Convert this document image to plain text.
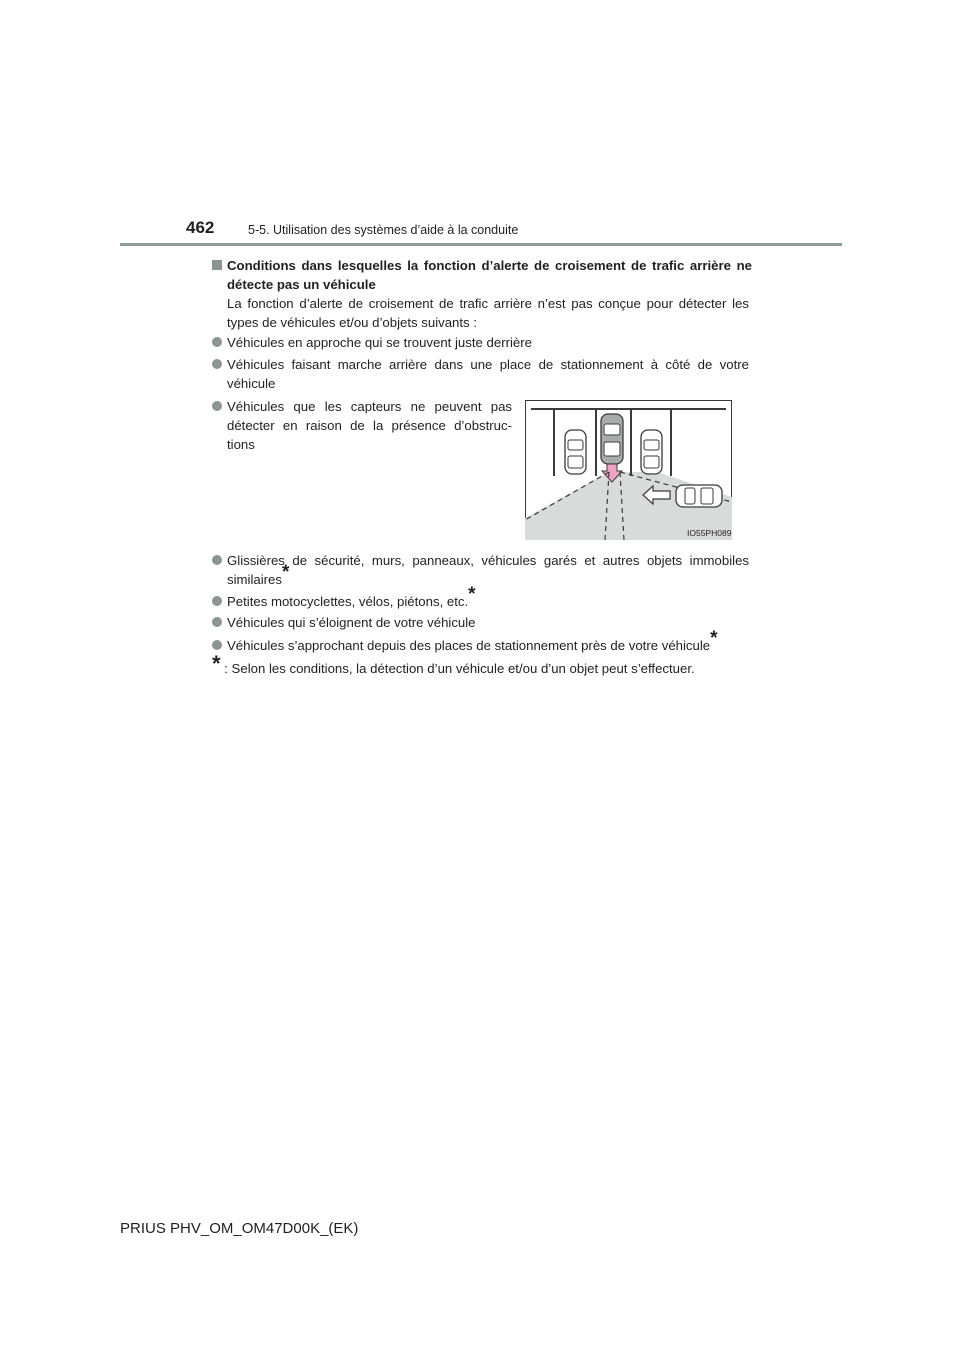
462	5-5. Utilisation des systèmes d’aide à la conduite
Conditions dans lesquelles la fonction d’alerte de croisement de trafic arrière ne détecte pas un véhicule
La fonction d’alerte de croisement de trafic arrière n’est pas conçue pour détecter les types de véhicules et/ou d’objets suivants :
Véhicules en approche qui se trouvent juste derrière
Véhicules faisant marche arrière dans une place de stationnement à côté de votre véhicule
Véhicules que les capteurs ne peuvent pas détecter en raison de la présence d’obstruc-tions
IO55PH089
Glissières de sécurité, murs, panneaux, véhicules garés et autres objets immobiles similaires*
Petites motocyclettes, vélos, piétons, etc.*
Véhicules qui s’éloignent de votre véhicule
Véhicules s’approchant depuis des places de stationnement près de votre véhicule*
* : Selon les conditions, la détection d’un véhicule et/ou d’un objet peut s’effectuer.
PRIUS PHV_OM_OM47D00K_(EK)
